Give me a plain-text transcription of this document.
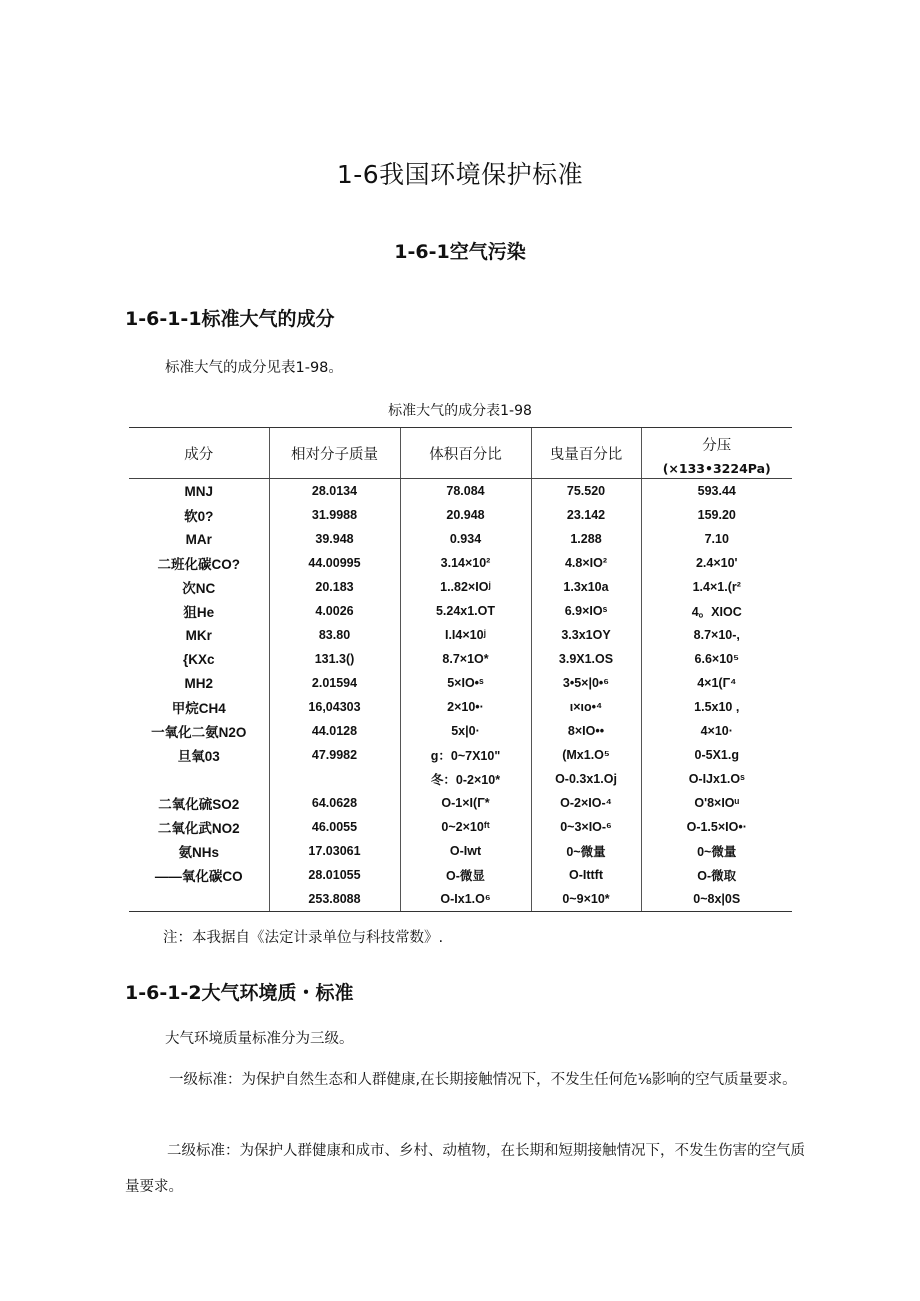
1-6我国环境保护标准
1-6-1空气污染
1-6-1-1标准大气的成分
标准大气的成分见表1-98。
标准大气的成分表1-98
成分	相对分子质量	体积百分比	曳量百分比	分压
(×133•3224Pa)

MNJ	28.0134	78.084	75.520	593.44
软0?	31.9988	20.948	23.142	159.20
MAr	39.948	0.934	1.288	7.10
二班化碳CO?	44.00995	3.14×10²	4.8×IO²	2.4×10'
次NC	20.183	1..82×IOʲ	1.3x10a	1.4×1.(r²
狙He	4.0026	5.24x1.OT	6.9×IOˢ	4。XIOC
MKr	83.80	I.I4×10ʲ	3.3x1OY	8.7×10-,
{KXc	131.3()	8.7×1O*	3.9X1.OS	6.6×10⁵
MH2	2.01594	5×IO•ˢ	3•5×|0•⁶	4×1(Γ⁴
甲烷CH4	16,04303	2×10•·	ι×ιo•⁴	1.5x10 ,
一氧化二氨N2O	44.0128	5x|0·	8×IO••	4×10·
旦氧03	47.9982	g：0~7X10"	(Mx1.O⁵	0-5X1.g
		冬：0-2×10*	O-0.3x1.Oj	O-IJx1.Oˢ
二氧化硫SO2	64.0628	O-1×I(Γ*	O-2×IO-⁴	O'8×IOᵘ
二氧化武NO2	46.0055	0~2×10ᶠᵗ	0~3×IO-⁶	O-1.5×IO•·
氨NHs	17.03061	O-Iwt	0~微量	0~微量
——氧化碳CO	28.01055	O-微显	O-Ittft	O-微取
	253.8088	O-Ix1.O⁶	0~9×10*	0~8x|0S
注：本我据自《法定计录单位与科技常数》.
1-6-1-2大气环境质・标准
大气环境质量标准分为三级。
一级标准：为保护自然生态和人群健康,在长期接触情况下，不发生任何危⅛影响的空气质量要求。
二级标准：为保护人群健康和成市、乡村、动植物，在长期和短期接触情况下，不发生伤害的空气质量要求。
